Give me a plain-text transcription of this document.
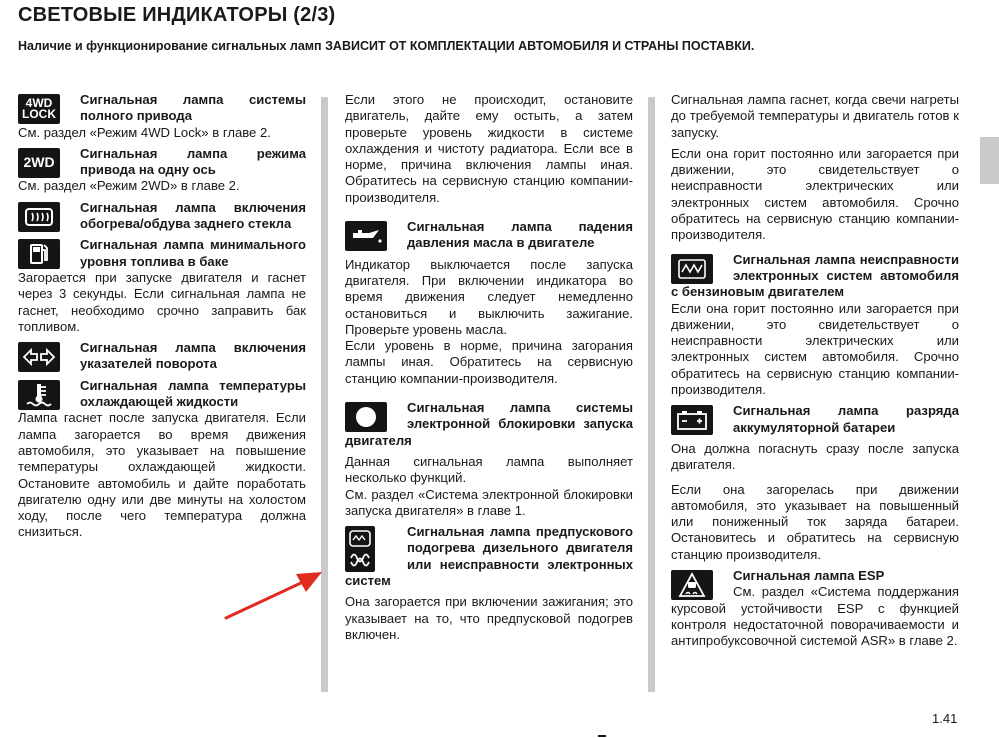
СВЕТОВЫЕ ИНДИКАТОРЫ (2/3)
Наличие и функционирование сигнальных ламп ЗАВИСИТ ОТ КОМПЛЕКТАЦИИ АВТОМОБИЛЯ И СТРАНЫ ПОСТАВКИ.
4WD LOCK
Сигнальная лампа системы полного привода
См. раздел «Режим 4WD Lock» в главе 2.
2WD
Сигнальная лампа режима привода на одну ось
См. раздел «Режим 2WD» в главе 2.
Сигнальная лампа включения обогрева/обдува заднего стекла
Сигнальная лампа минимального уровня топлива в баке
Загорается при запуске двигателя и гаснет через 3 секунды. Если сигнальная лампа не гаснет, необходимо срочно заправить бак топливом.
Сигнальная лампа включения указателей поворота
Сигнальная лампа температуры охлаждающей жидкости
Лампа гаснет после запуска двигателя. Если лампа загорается во время движения автомобиля, это указывает на повышение температуры охлаждающей жидкости. Остановите автомобиль и дайте поработать двигателю одну или две минуты на холостом ходу, после чего температура должна снизиться.
Если этого не происходит, остановите двигатель, дайте ему остыть, а затем проверьте уровень жидкости в системе охлаждения и чистоту радиатора. Если все в норме, причина включения лампы иная. Обратитесь на сервисную станцию компании-производителя.
Сигнальная лампа падения давления масла в двигателе
Индикатор выключается после запуска двигателя. При включении индикатора во время движения следует немедленно остановиться и выключить зажигание. Проверьте уровень масла.
Если уровень в норме, причина загорания лампы иная. Обратитесь на сервисную станцию компании-производителя.
Сигнальная лампа системы электронной блокировки запуска двигателя
Данная сигнальная лампа выполняет несколько функций.
См. раздел «Система электронной блокировки запуска двигателя» в главе 1.
Сигнальная лампа предпускового подогрева дизельного двигателя или неисправности электронных систем
Она загорается при включении зажигания; это указывает на то, что предпусковой подогрев включен.
Сигнальная лампа гаснет, когда свечи нагреты до требуемой температуры и двигатель готов к запуску.
Если она горит постоянно или загорается при движении, это свидетельствует о неисправности электрических или электронных систем автомобиля. Срочно обратитесь на сервисную станцию компании-производителя.
Сигнальная лампа неисправности электронных систем автомобиля с бензиновым двигателем
Если она горит постоянно или загорается при движении, это свидетельствует о неисправности электрических или электронных систем автомобиля. Срочно обратитесь на сервисную станцию компании-производителя.
Сигнальная лампа разряда аккумуляторной батареи
Она должна погаснуть сразу после запуска двигателя.
Если она загорелась при движении автомобиля, это указывает на повышенный или пониженный ток заряда батареи. Остановитесь и обратитесь на сервисную станцию производителя.
Сигнальная лампа ESP
См. раздел «Система поддержания курсовой устойчивости ESP с функцией контроля недостаточной поворачиваемости и антипробуксовочной системой ASR» в главе 2.
1.41
